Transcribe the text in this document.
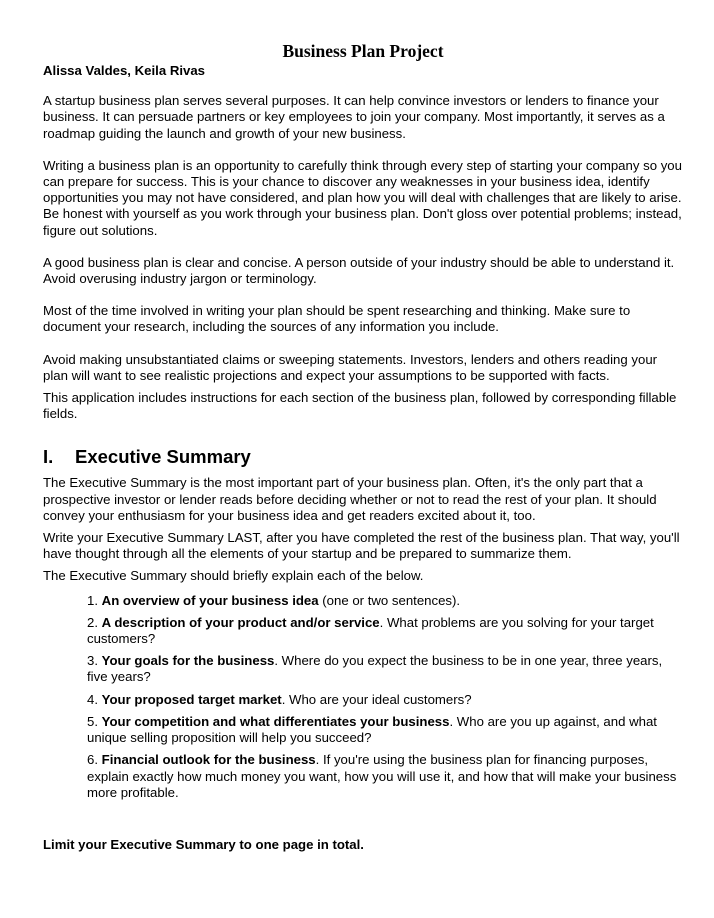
Business Plan Project
Alissa Valdes, Keila Rivas

A startup business plan serves several purposes. It can help convince investors or lenders to finance your business. It can persuade partners or key employees to join your company. Most importantly, it serves as a roadmap guiding the launch and growth of your new business.

Writing a business plan is an opportunity to carefully think through every step of starting your company so you can prepare for success. This is your chance to discover any weaknesses in your business idea, identify opportunities you may not have considered, and plan how you will deal with challenges that are likely to arise. Be honest with yourself as you work through your business plan. Don't gloss over potential problems; instead, figure out solutions.

A good business plan is clear and concise. A person outside of your industry should be able to understand it. Avoid overusing industry jargon or terminology.

Most of the time involved in writing your plan should be spent researching and thinking. Make sure to document your research, including the sources of any information you include.

Avoid making unsubstantiated claims or sweeping statements. Investors, lenders and others reading your plan will want to see realistic projections and expect your assumptions to be supported with facts.

This application includes instructions for each section of the business plan, followed by corresponding fillable fields.

I.	Executive Summary

The Executive Summary is the most important part of your business plan. Often, it's the only part that a prospective investor or lender reads before deciding whether or not to read the rest of your plan. It should convey your enthusiasm for your business idea and get readers excited about it, too.

Write your Executive Summary LAST, after you have completed the rest of the business plan. That way, you'll have thought through all the elements of your startup and be prepared to summarize them.

The Executive Summary should briefly explain each of the below.

1. An overview of your business idea (one or two sentences).
2. A description of your product and/or service. What problems are you solving for your target customers?
3. Your goals for the business. Where do you expect the business to be in one year, three years, five years?
4. Your proposed target market. Who are your ideal customers?
5. Your competition and what differentiates your business. Who are you up against, and what unique selling proposition will help you succeed?
6. Financial outlook for the business. If you're using the business plan for financing purposes, explain exactly how much money you want, how you will use it, and how that will make your business more profitable.

Limit your Executive Summary to one page in total.
